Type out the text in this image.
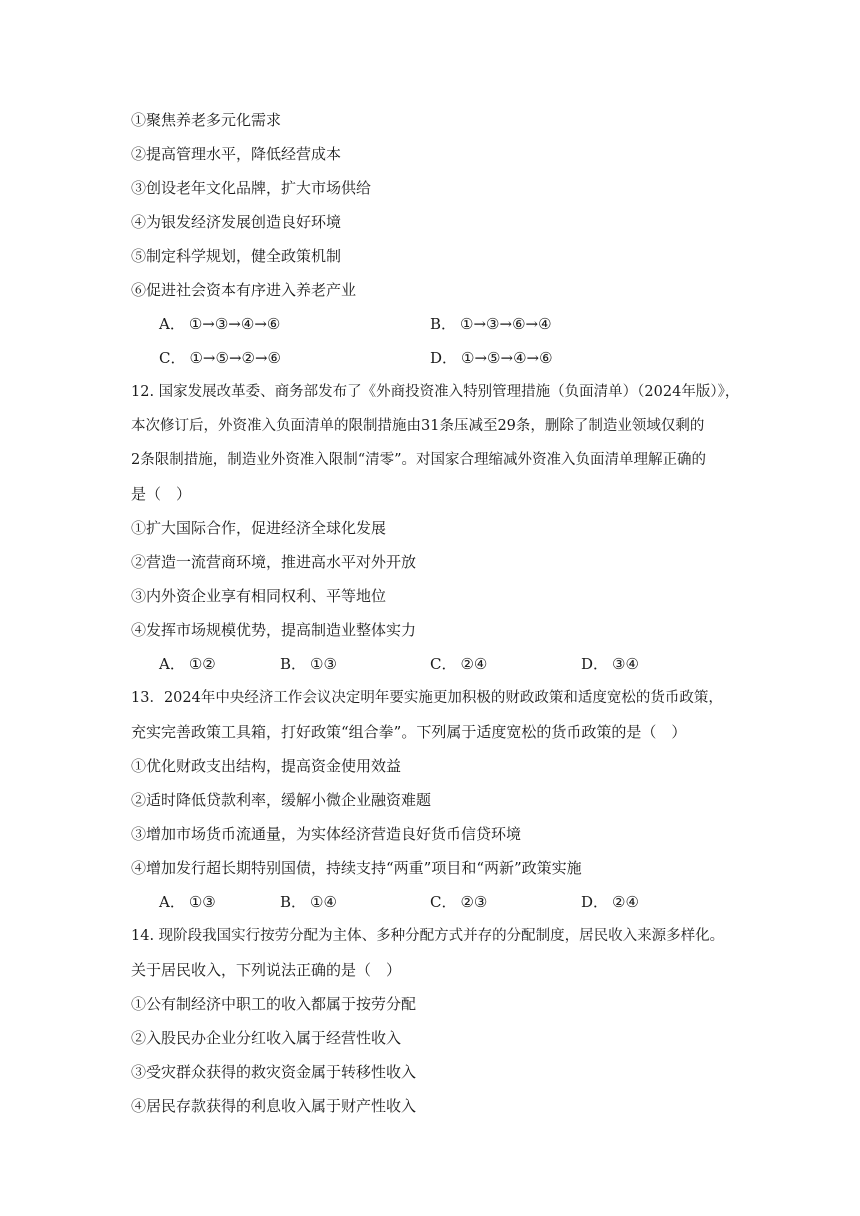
①聚焦养老多元化需求
②提高管理水平，降低经营成本
③创设老年文化品牌，扩大市场供给
④为银发经济发展创造良好环境
⑤制定科学规划，健全政策机制
⑥促进社会资本有序进入养老产业
A． ①→③→④→⑥	B． ①→③→⑥→④
C． ①→⑤→②→⑥	D． ①→⑤→④→⑥
12. 国家发展改革委、商务部发布了《外商投资准入特别管理措施（负面清单）（2024年版）》，
本次修订后，外资准入负面清单的限制措施由31条压减至29条，删除了制造业领域仅剩的
2条限制措施，制造业外资准入限制“清零”。对国家合理缩减外资准入负面清单理解正确的
是（　）
①扩大国际合作，促进经济全球化发展
②营造一流营商环境，推进高水平对外开放
③内外资企业享有相同权利、平等地位
④发挥市场规模优势，提高制造业整体实力
A． ①②	B． ①③	C． ②④	D． ③④
13．2024年中央经济工作会议决定明年要实施更加积极的财政政策和适度宽松的货币政策，
充实完善政策工具箱，打好政策“组合拳”。下列属于适度宽松的货币政策的是（　）
①优化财政支出结构，提高资金使用效益
②适时降低贷款利率，缓解小微企业融资难题
③增加市场货币流通量，为实体经济营造良好货币信贷环境
④增加发行超长期特别国债，持续支持“两重”项目和“两新”政策实施
A． ①③	B． ①④	C． ②③	D． ②④
14. 现阶段我国实行按劳分配为主体、多种分配方式并存的分配制度，居民收入来源多样化。
关于居民收入，下列说法正确的是（　）
①公有制经济中职工的收入都属于按劳分配
②入股民办企业分红收入属于经营性收入
③受灾群众获得的救灾资金属于转移性收入
④居民存款获得的利息收入属于财产性收入
